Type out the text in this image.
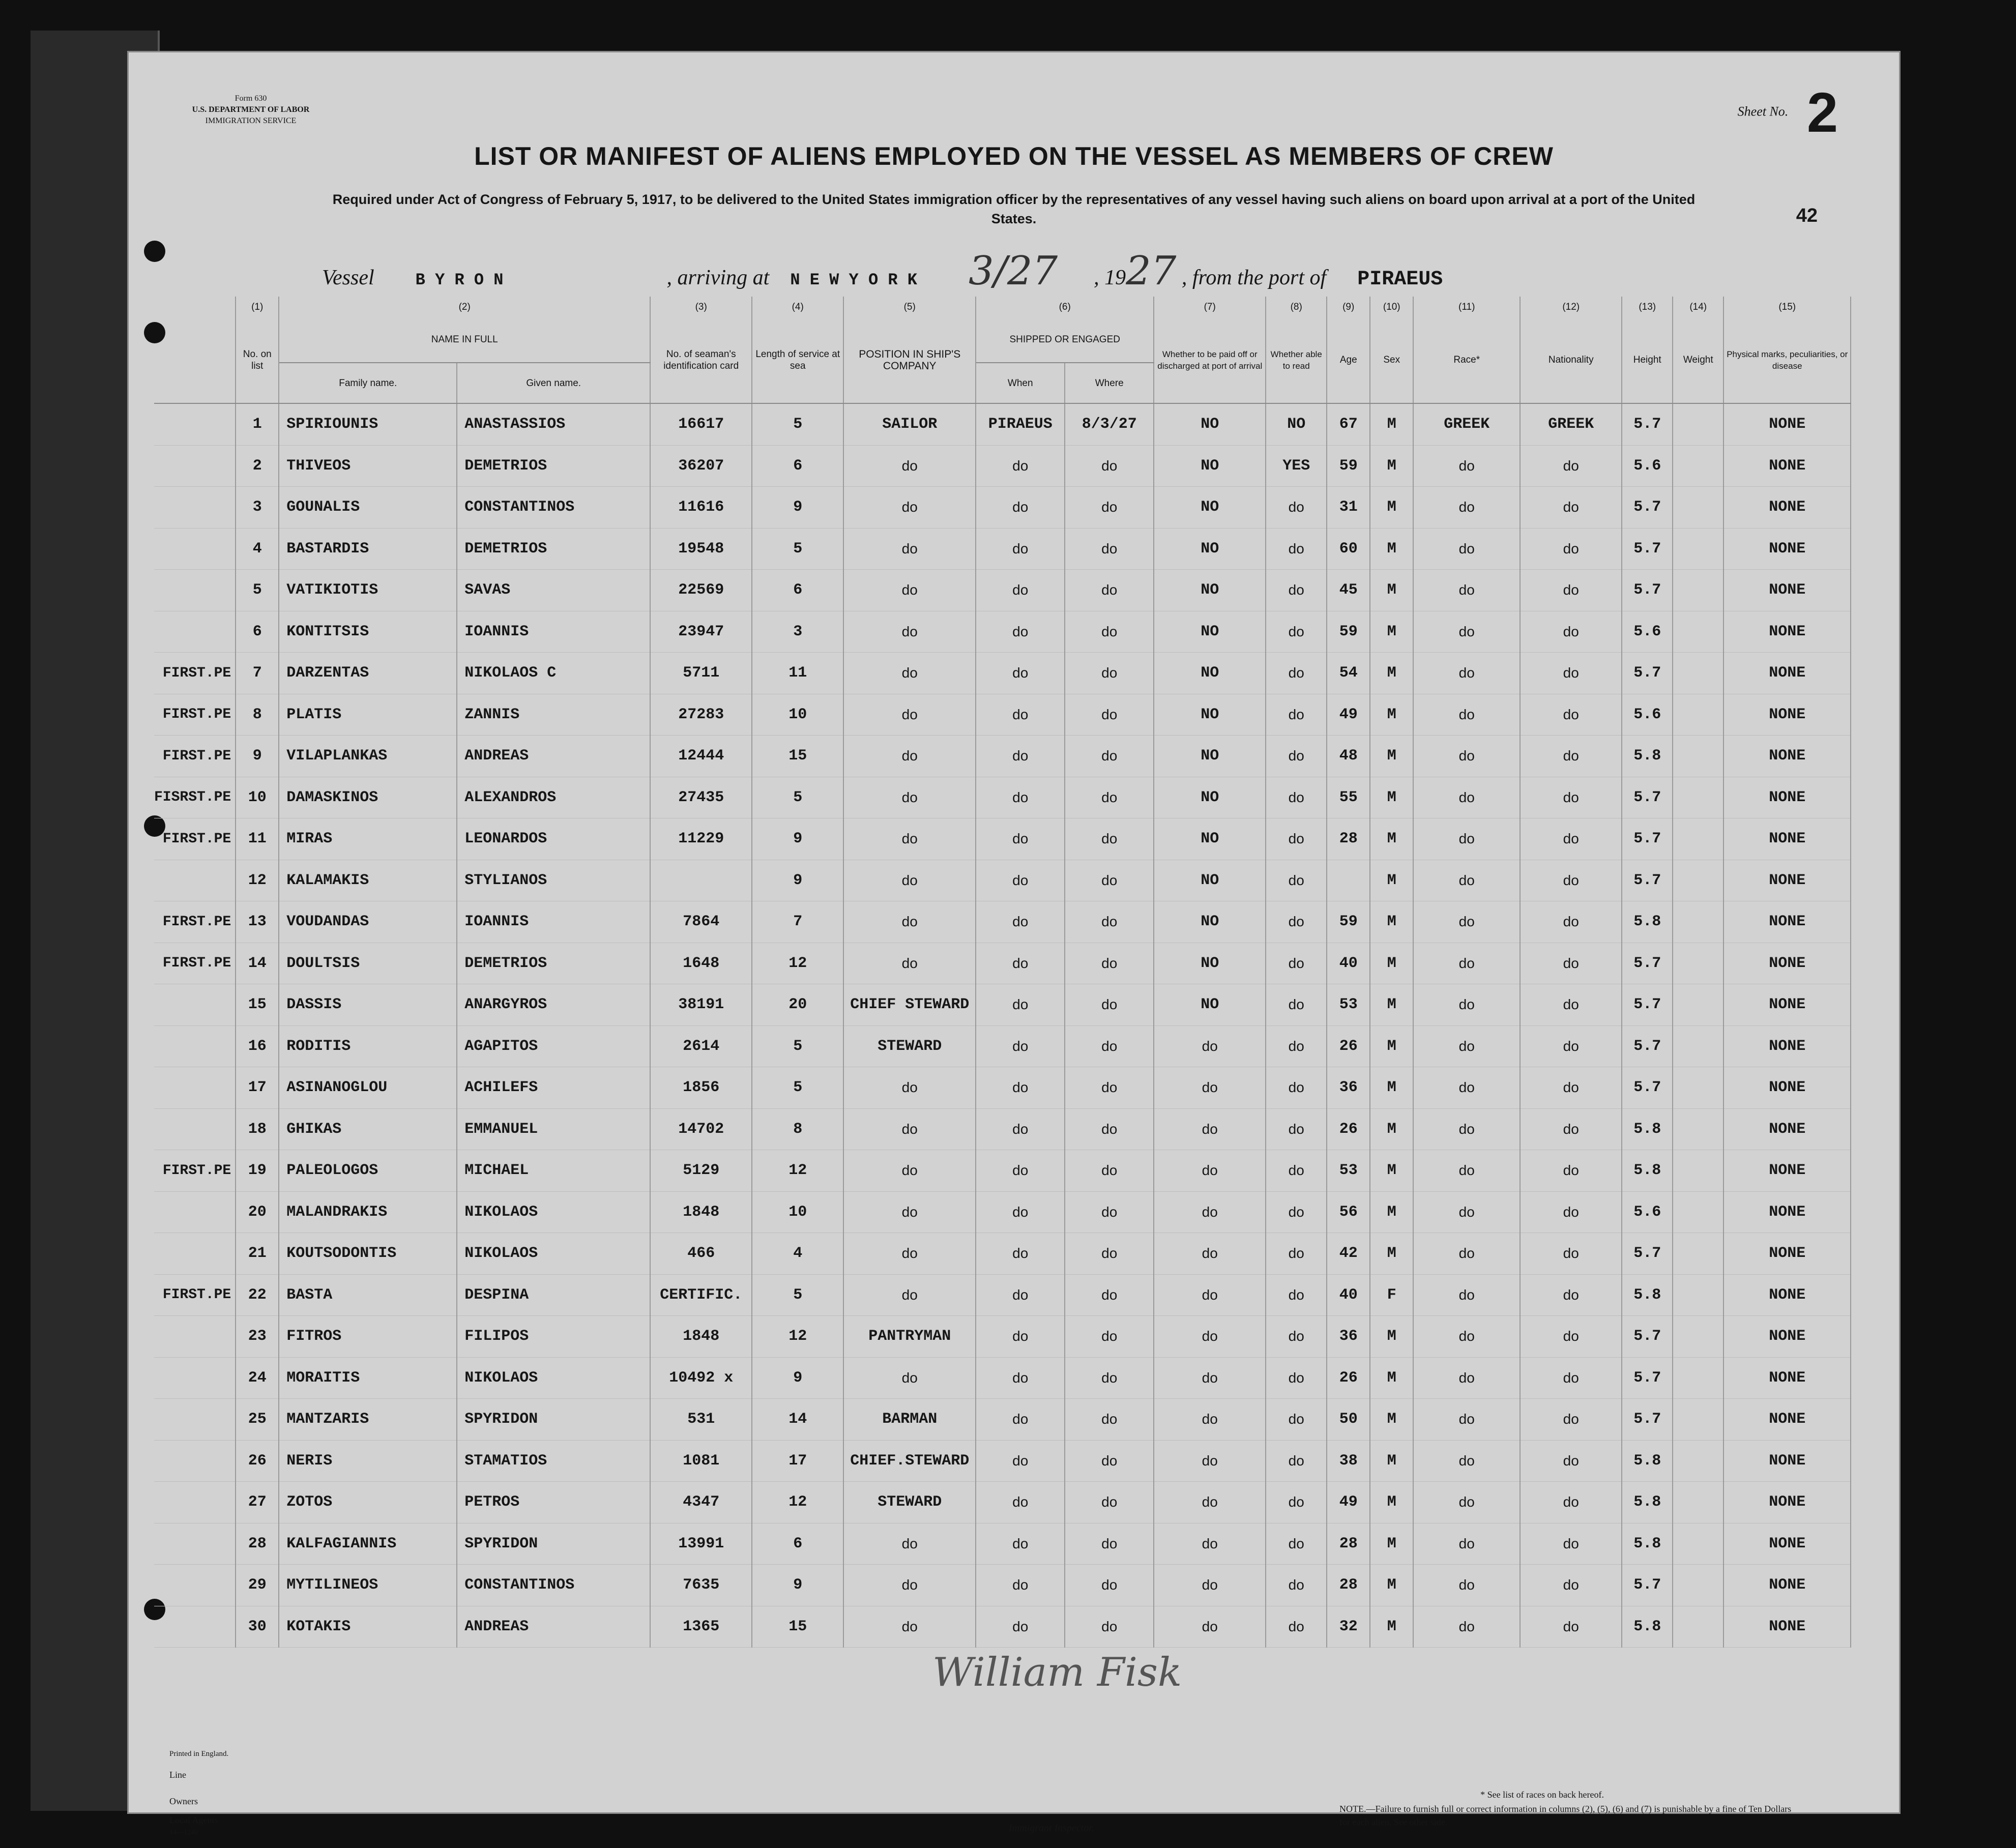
Form 630
U.S. DEPARTMENT OF LABOR
IMMIGRATION SERVICE
Sheet No. 2
LIST OR MANIFEST OF ALIENS EMPLOYED ON THE VESSEL AS MEMBERS OF CREW
Required under Act of Congress of February 5, 1917, to be delivered to the United States immigration officer by the representatives of any vessel having such aliens on board upon arrival at a port of the United States.	42
Vessel	B Y R O N	, arriving at N E W Y O R K 3/27 , 1927 , from the port of PIRAEUS
	(1)	(2)		(3)	(4)	(5)	(6)		(7)	(8)	(9)	(10)	(11)	(12)	(13)	(14)	(15)
	No. on list	NAME IN FULL		No. of seaman's identification card	Length of service at sea	POSITION IN SHIP'S COMPANY	SHIPPED OR ENGAGED		Whether to be paid off or discharged at port of arrival	Whether able to read	Age	Sex	Race*	Nationality	Height	Weight	Physical marks, peculiarities, or disease
		Family name.	Given name.				When	Where									
	1	SPIRIOUNIS	ANASTASSIOS	16617	5	SAILOR	PIRAEUS	8/3/27	NO	NO	67	M	GREEK	GREEK	5.7		NONE
	2	THIVEOS	DEMETRIOS	36207	6	do	do	do	NO	YES	59	M	do	do	5.6		NONE
	3	GOUNALIS	CONSTANTINOS	11616	9	do	do	do	NO	do	31	M	do	do	5.7		NONE
	4	BASTARDIS	DEMETRIOS	19548	5	do	do	do	NO	do	60	M	do	do	5.7		NONE
	5	VATIKIOTIS	SAVAS	22569	6	do	do	do	NO	do	45	M	do	do	5.7		NONE
	6	KONTITSIS	IOANNIS	23947	3	do	do	do	NO	do	59	M	do	do	5.6		NONE
FIRST.PE	7	DARZENTAS	NIKOLAOS C	5711	11	do	do	do	NO	do	54	M	do	do	5.7		NONE
FIRST.PE	8	PLATIS	ZANNIS	27283	10	do	do	do	NO	do	49	M	do	do	5.6		NONE
FIRST.PE	9	VILAPLANKAS	ANDREAS	12444	15	do	do	do	NO	do	48	M	do	do	5.8		NONE
FISRST.PE	10	DAMASKINOS	ALEXANDROS	27435	5	do	do	do	NO	do	55	M	do	do	5.7		NONE
FIRST.PE	11	MIRAS	LEONARDOS	11229	9	do	do	do	NO	do	28	M	do	do	5.7		NONE
	12	KALAMAKIS	STYLIANOS		9	do	do	do	NO	do		M	do	do	5.7		NONE
FIRST.PE	13	VOUDANDAS	IOANNIS	7864	7	do	do	do	NO	do	59	M	do	do	5.8		NONE
FIRST.PE	14	DOULTSIS	DEMETRIOS	1648	12	do	do	do	NO	do	40	M	do	do	5.7		NONE
	15	DASSIS	ANARGYROS	38191	20	CHIEF STEWARD	do	do	NO	do	53	M	do	do	5.7		NONE
	16	RODITIS	AGAPITOS	2614	5	STEWARD	do	do	do	do	26	M	do	do	5.7		NONE
	17	ASINANOGLOU	ACHILEFS	1856	5	do	do	do	do	do	36	M	do	do	5.7		NONE
	18	GHIKAS	EMMANUEL	14702	8	do	do	do	do	do	26	M	do	do	5.8		NONE
FIRST.PE	19	PALEOLOGOS	MICHAEL	5129	12	do	do	do	do	do	53	M	do	do	5.8		NONE
	20	MALANDRAKIS	NIKOLAOS	1848	10	do	do	do	do	do	56	M	do	do	5.6		NONE
	21	KOUTSODONTIS	NIKOLAOS	466	4	do	do	do	do	do	42	M	do	do	5.7		NONE
FIRST.PE	22	BASTA	DESPINA	CERTIFIC.	5	do	do	do	do	do	40	F	do	do	5.8		NONE
	23	FITROS	FILIPOS	1848	12	PANTRYMAN	do	do	do	do	36	M	do	do	5.7		NONE
	24	MORAITIS	NIKOLAOS	10492 x	9	do	do	do	do	do	26	M	do	do	5.7		NONE
	25	MANTZARIS	SPYRIDON	531	14	BARMAN	do	do	do	do	50	M	do	do	5.7		NONE
	26	NERIS	STAMATIOS	1081	17	CHIEF.STEWARD	do	do	do	do	38	M	do	do	5.8		NONE
	27	ZOTOS	PETROS	4347	12	STEWARD	do	do	do	do	49	M	do	do	5.8		NONE
	28	KALFAGIANNIS	SPYRIDON	13991	6	do	do	do	do	do	28	M	do	do	5.8		NONE
	29	MYTILINEOS	CONSTANTINOS	7635	9	do	do	do	do	do	28	M	do	do	5.7		NONE
	30	KOTAKIS	ANDREAS	1365	15	do	do	do	do	do	32	M	do	do	5.8		NONE
William Fisk
Printed in England.
Line
Owners
Local Agents
14—1240	Immigrant Inspector.
* See list of races on back hereof.
NOTE.—Failure to furnish full or correct information in columns (2), (5), (6) and (7) is punishable by a fine of Ten Dollars for each alien. See other side.
